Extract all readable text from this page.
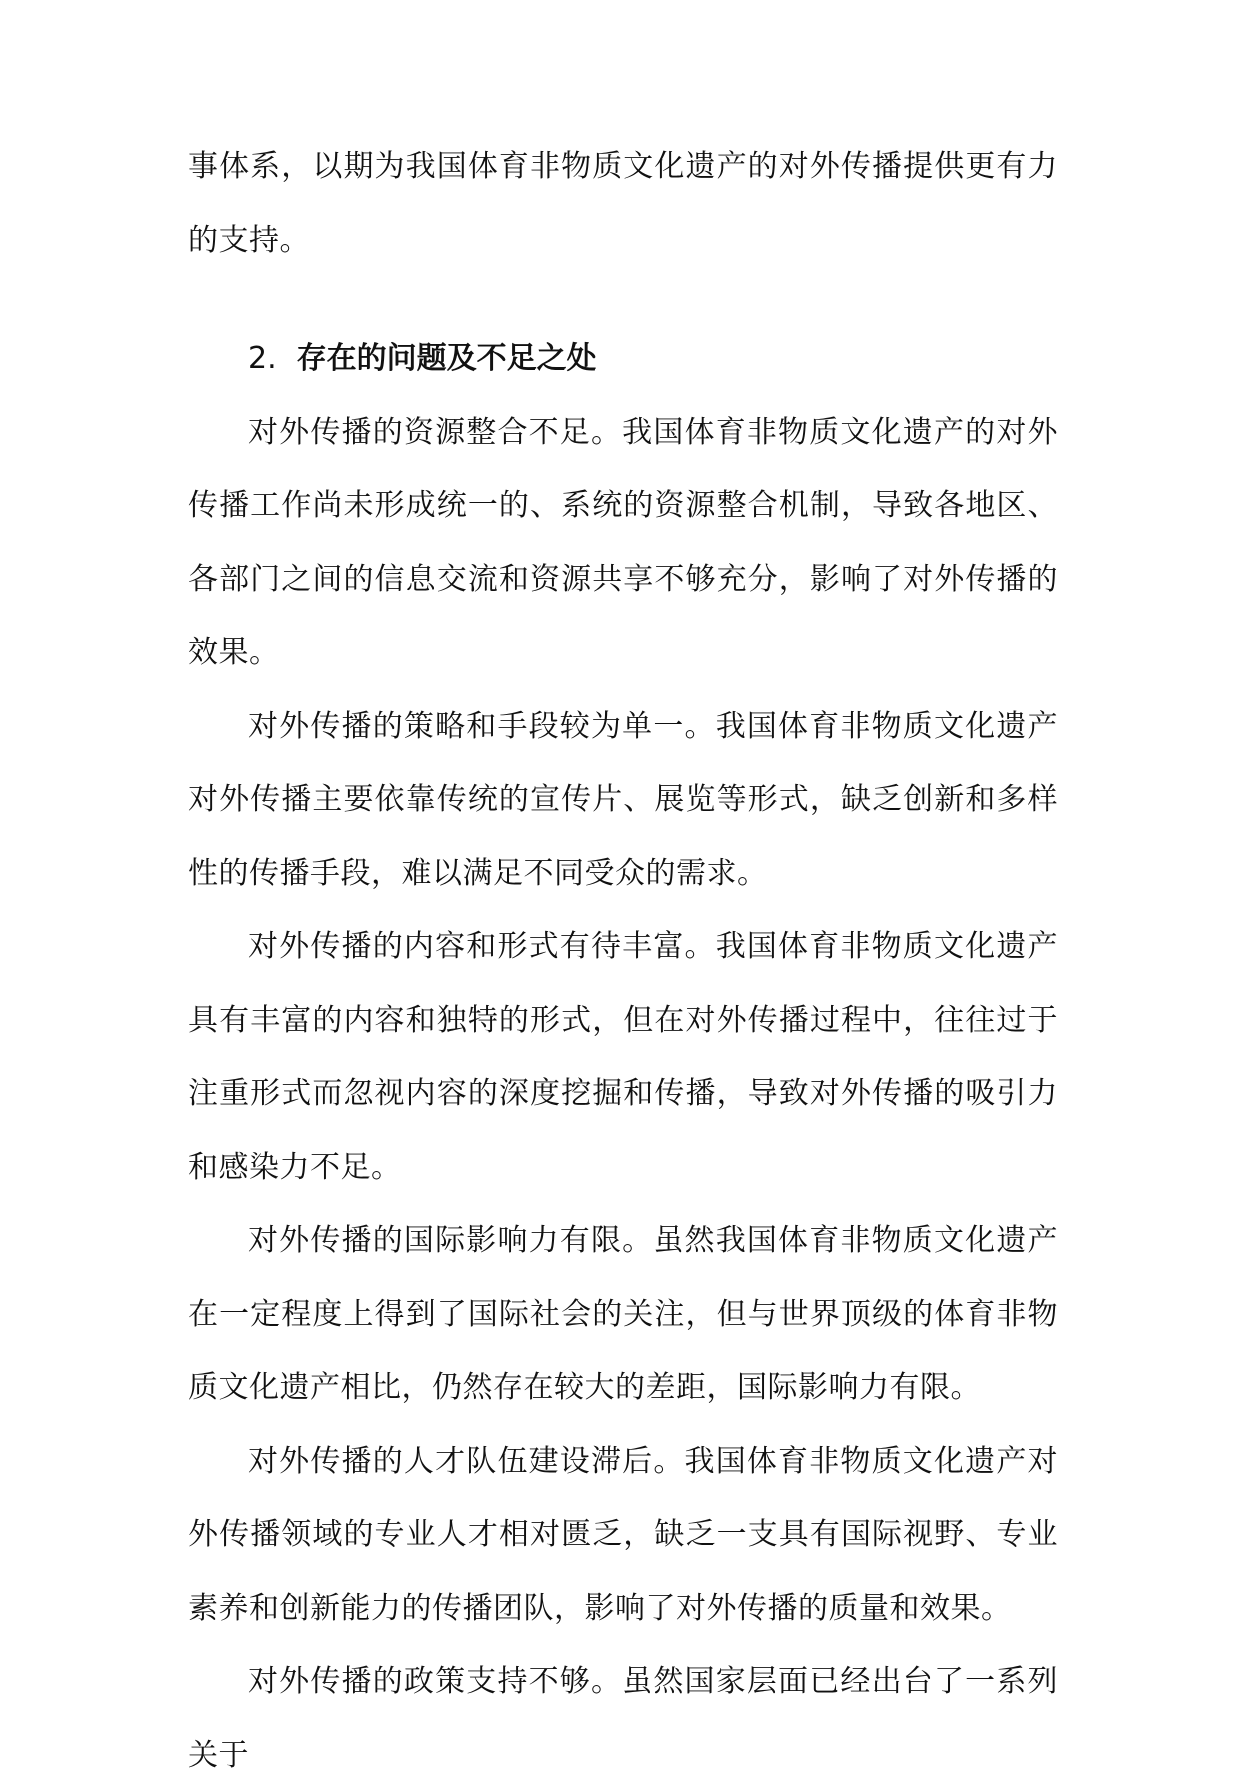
事体系，以期为我国体育非物质文化遗产的对外传播提供更有力的支持。

2. 存在的问题及不足之处

对外传播的资源整合不足。我国体育非物质文化遗产的对外传播工作尚未形成统一的、系统的资源整合机制，导致各地区、各部门之间的信息交流和资源共享不够充分，影响了对外传播的效果。

对外传播的策略和手段较为单一。我国体育非物质文化遗产对外传播主要依靠传统的宣传片、展览等形式，缺乏创新和多样性的传播手段，难以满足不同受众的需求。

对外传播的内容和形式有待丰富。我国体育非物质文化遗产具有丰富的内容和独特的形式，但在对外传播过程中，往往过于注重形式而忽视内容的深度挖掘和传播，导致对外传播的吸引力和感染力不足。

对外传播的国际影响力有限。虽然我国体育非物质文化遗产在一定程度上得到了国际社会的关注，但与世界顶级的体育非物质文化遗产相比，仍然存在较大的差距，国际影响力有限。

对外传播的人才队伍建设滞后。我国体育非物质文化遗产对外传播领域的专业人才相对匮乏，缺乏一支具有国际视野、专业素养和创新能力的传播团队，影响了对外传播的质量和效果。

对外传播的政策支持不够。虽然国家层面已经出台了一系列关于
